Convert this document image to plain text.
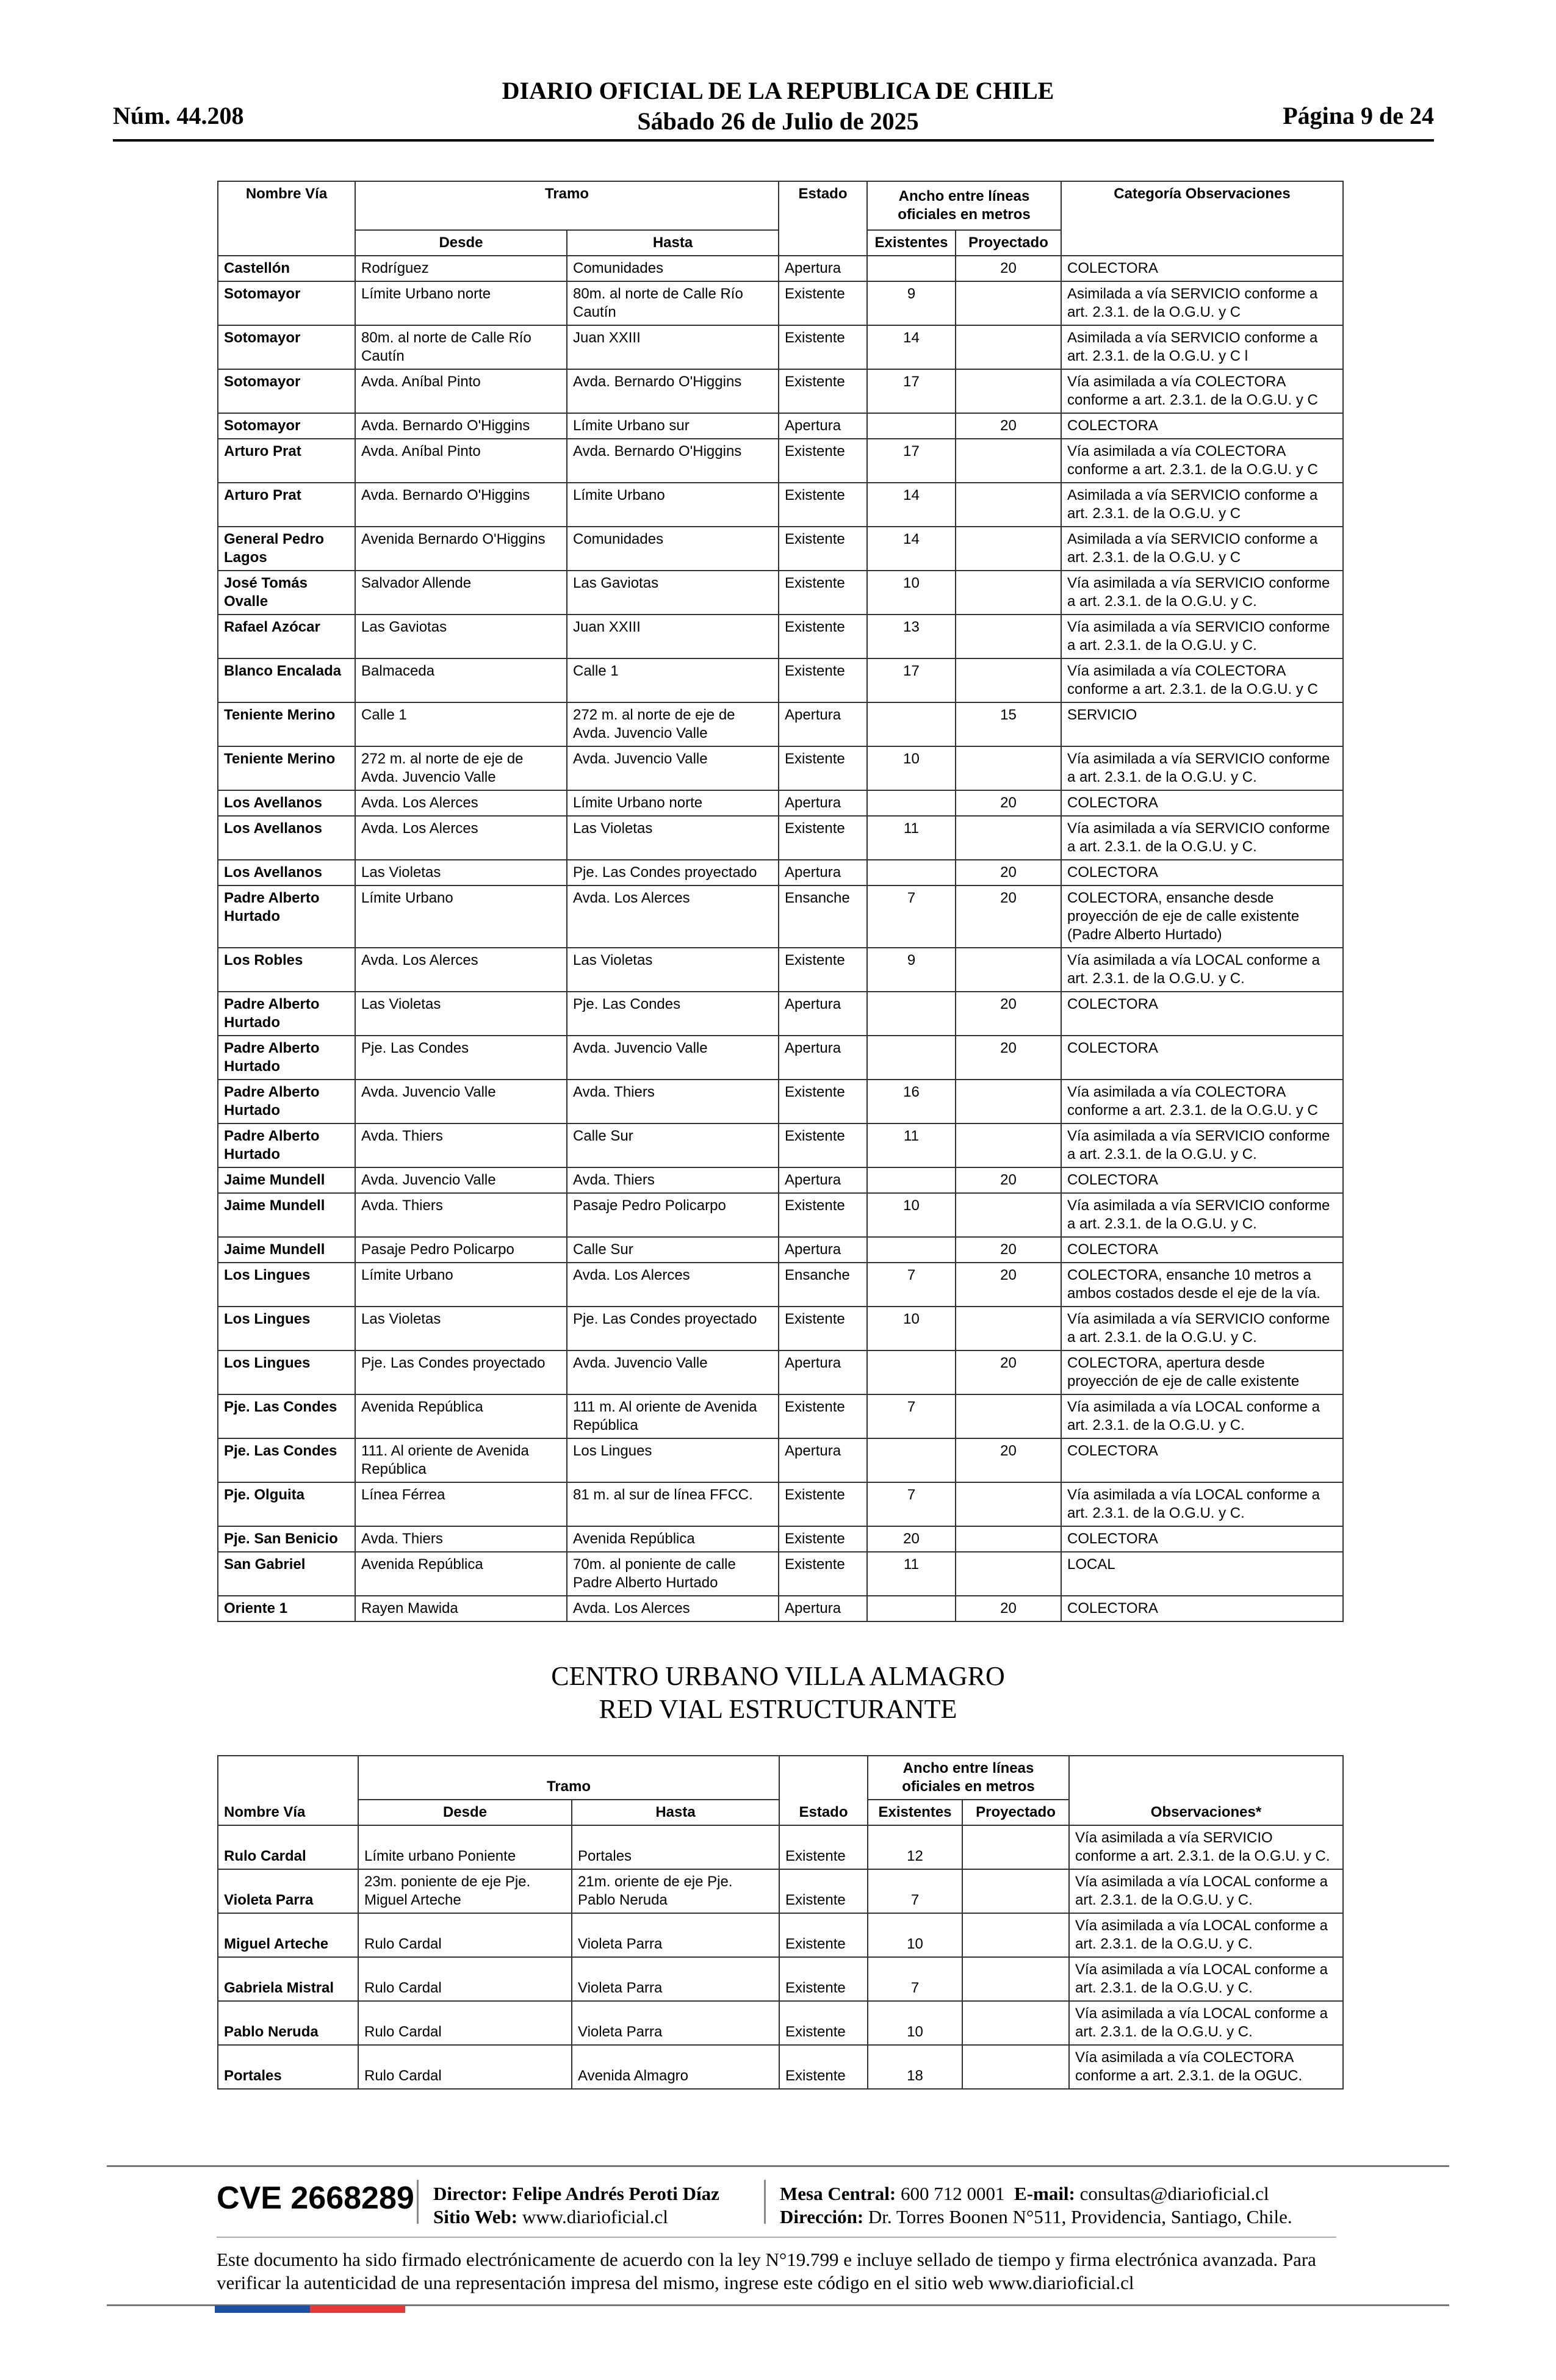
Núm. 44.208
DIARIO OFICIAL DE LA REPUBLICA DE CHILE
Sábado 26 de Julio de 2025	Página 9 de 24
Nombre Vía	Tramo		Estado	Ancho entre líneas oficiales en metros		Categoría Observaciones
	Desde	Hasta		Existentes	Proyectado	
Castellón	Rodríguez	Comunidades	Apertura		20	COLECTORA
Sotomayor	Límite Urbano norte	80m. al norte de Calle Río Cautín	Existente	9		Asimilada a vía SERVICIO conforme a art. 2.3.1. de la O.G.U. y C
Sotomayor	80m. al norte de Calle Río Cautín	Juan XXIII	Existente	14		Asimilada a vía SERVICIO conforme a art. 2.3.1. de la O.G.U. y C l
Sotomayor	Avda. Aníbal Pinto	Avda. Bernardo O'Higgins	Existente	17		Vía asimilada a vía COLECTORA conforme a art. 2.3.1. de la O.G.U. y C
Sotomayor	Avda. Bernardo O'Higgins	Límite Urbano sur	Apertura		20	COLECTORA
Arturo Prat	Avda. Aníbal Pinto	Avda. Bernardo O'Higgins	Existente	17		Vía asimilada a vía COLECTORA conforme a art. 2.3.1. de la O.G.U. y C
Arturo Prat	Avda. Bernardo O'Higgins	Límite Urbano	Existente	14		Asimilada a vía SERVICIO conforme a art. 2.3.1. de la O.G.U. y C
General Pedro Lagos	Avenida Bernardo O'Higgins	Comunidades	Existente	14		Asimilada a vía SERVICIO conforme a art. 2.3.1. de la O.G.U. y C
José Tomás Ovalle	Salvador Allende	Las Gaviotas	Existente	10		Vía asimilada a vía SERVICIO conforme a art. 2.3.1. de la O.G.U. y C.
Rafael Azócar	Las Gaviotas	Juan XXIII	Existente	13		Vía asimilada a vía SERVICIO conforme a art. 2.3.1. de la O.G.U. y C.
Blanco Encalada	Balmaceda	Calle 1	Existente	17		Vía asimilada a vía COLECTORA conforme a art. 2.3.1. de la O.G.U. y C
Teniente Merino	Calle 1	272 m. al norte de eje de Avda. Juvencio Valle	Apertura		15	SERVICIO
Teniente Merino	272 m. al norte de eje de Avda. Juvencio Valle	Avda. Juvencio Valle	Existente	10		Vía asimilada a vía SERVICIO conforme a art. 2.3.1. de la O.G.U. y C.
Los Avellanos	Avda. Los Alerces	Límite Urbano norte	Apertura		20	COLECTORA
Los Avellanos	Avda. Los Alerces	Las Violetas	Existente	11		Vía asimilada a vía SERVICIO conforme a art. 2.3.1. de la O.G.U. y C.
Los Avellanos	Las Violetas	Pje. Las Condes proyectado	Apertura		20	COLECTORA
Padre Alberto Hurtado	Límite Urbano	Avda. Los Alerces	Ensanche	7	20	COLECTORA, ensanche desde proyección de eje de calle existente (Padre Alberto Hurtado)
Los Robles	Avda. Los Alerces	Las Violetas	Existente	9		Vía asimilada a vía LOCAL conforme a art. 2.3.1. de la O.G.U. y C.
Padre Alberto Hurtado	Las Violetas	Pje. Las Condes	Apertura		20	COLECTORA
Padre Alberto Hurtado	Pje. Las Condes	Avda. Juvencio Valle	Apertura		20	COLECTORA
Padre Alberto Hurtado	Avda. Juvencio Valle	Avda. Thiers	Existente	16		Vía asimilada a vía COLECTORA conforme a art. 2.3.1. de la O.G.U. y C
Padre Alberto Hurtado	Avda. Thiers	Calle Sur	Existente	11		Vía asimilada a vía SERVICIO conforme a art. 2.3.1. de la O.G.U. y C.
Jaime Mundell	Avda. Juvencio Valle	Avda. Thiers	Apertura		20	COLECTORA
Jaime Mundell	Avda. Thiers	Pasaje Pedro Policarpo	Existente	10		Vía asimilada a vía SERVICIO conforme a art. 2.3.1. de la O.G.U. y C.
Jaime Mundell	Pasaje Pedro Policarpo	Calle Sur	Apertura		20	COLECTORA
Los Lingues	Límite Urbano	Avda. Los Alerces	Ensanche	7	20	COLECTORA, ensanche 10 metros a ambos costados desde el eje de la vía.
Los Lingues	Las Violetas	Pje. Las Condes proyectado	Existente	10		Vía asimilada a vía SERVICIO conforme a art. 2.3.1. de la O.G.U. y C.
Los Lingues	Pje. Las Condes proyectado	Avda. Juvencio Valle	Apertura		20	COLECTORA, apertura desde proyección de eje de calle existente
Pje. Las Condes	Avenida República	111 m. Al oriente de Avenida República	Existente	7		Vía asimilada a vía LOCAL conforme a art. 2.3.1. de la O.G.U. y C.
Pje. Las Condes	111. Al oriente de Avenida República	Los Lingues	Apertura		20	COLECTORA
Pje. Olguita	Línea Férrea	81 m. al sur de línea FFCC.	Existente	7		Vía asimilada a vía LOCAL conforme a art. 2.3.1. de la O.G.U. y C.
Pje. San Benicio	Avda. Thiers	Avenida República	Existente	20		COLECTORA
San Gabriel	Avenida República	70m. al poniente de calle Padre Alberto Hurtado	Existente	11		LOCAL
Oriente 1	Rayen Mawida	Avda. Los Alerces	Apertura		20	COLECTORA
CENTRO URBANO VILLA ALMAGRO
RED VIAL ESTRUCTURANTE
Nombre Vía	Tramo		Estado	Ancho entre líneas oficiales en metros		Observaciones*
	Desde	Hasta		Existentes	Proyectado	
Rulo Cardal	Límite urbano Poniente	Portales	Existente	12		Vía asimilada a vía SERVICIO conforme a art. 2.3.1. de la O.G.U. y C.
Violeta Parra	23m. poniente de eje Pje. Miguel Arteche	21m. oriente de eje Pje. Pablo Neruda	Existente	7		Vía asimilada a vía LOCAL conforme a art. 2.3.1. de la O.G.U. y C.
Miguel Arteche	Rulo Cardal	Violeta Parra	Existente	10		Vía asimilada a vía LOCAL conforme a art. 2.3.1. de la O.G.U. y C.
Gabriela Mistral	Rulo Cardal	Violeta Parra	Existente	7		Vía asimilada a vía LOCAL conforme a art. 2.3.1. de la O.G.U. y C.
Pablo Neruda	Rulo Cardal	Violeta Parra	Existente	10		Vía asimilada a vía LOCAL conforme a art. 2.3.1. de la O.G.U. y C.
Portales	Rulo Cardal	Avenida Almagro	Existente	18		Vía asimilada a vía COLECTORA conforme a art. 2.3.1. de la OGUC.
CVE 2668289 Director: Felipe Andrés Peroti Díaz
Sitio Web: www.diarioficial.cl
Mesa Central: 600 712 0001 E-mail: consultas@diarioficial.cl
Dirección: Dr. Torres Boonen N°511, Providencia, Santiago, Chile.
Este documento ha sido firmado electrónicamente de acuerdo con la ley N°19.799 e incluye sellado de tiempo y firma electrónica avanzada. Para verificar la autenticidad de una representación impresa del mismo, ingrese este código en el sitio web www.diarioficial.cl
